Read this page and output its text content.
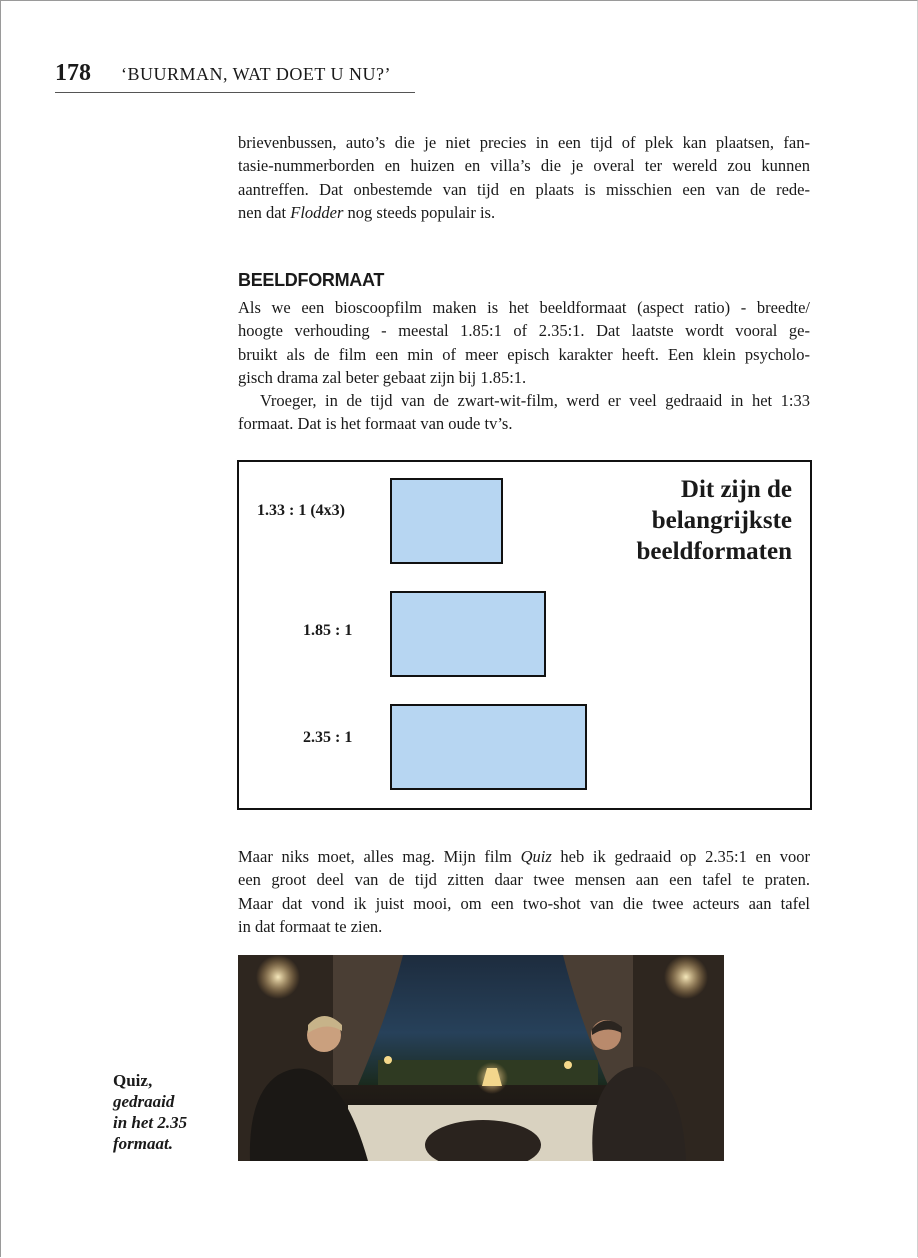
178 ‘BUURMAN, WAT DOET U NU?’

brievenbussen, auto’s die je niet precies in een tijd of plek kan plaatsen, fan-
tasie-nummerborden en huizen en villa’s die je overal ter wereld zou kunnen
aantreffen. Dat onbestemde van tijd en plaats is misschien een van de rede-
nen dat Flodder nog steeds populair is.

BEELDFORMAAT

Als we een bioscoopfilm maken is het beeldformaat (aspect ratio) - breedte/
hoogte verhouding - meestal 1.85:1 of 2.35:1. Dat laatste wordt vooral ge-
bruikt als de film een min of meer episch karakter heeft. Een klein psycholo-
gisch drama zal beter gebaat zijn bij 1.85:1.
Vroeger, in de tijd van de zwart-wit-film, werd er veel gedraaid in het 1:33
formaat. Dat is het formaat van oude tv’s.

1.33 : 1 (4x3)
1.85 : 1
2.35 : 1
Dit zijn de
belangrijkste
beeldformaten

Maar niks moet, alles mag. Mijn film Quiz heb ik gedraaid op 2.35:1 en voor
een groot deel van de tijd zitten daar twee mensen aan een tafel te praten.
Maar dat vond ik juist mooi, om een two-shot van die twee acteurs aan tafel
in dat formaat te zien.

Quiz,
gedraaid
in het 2.35
formaat.
